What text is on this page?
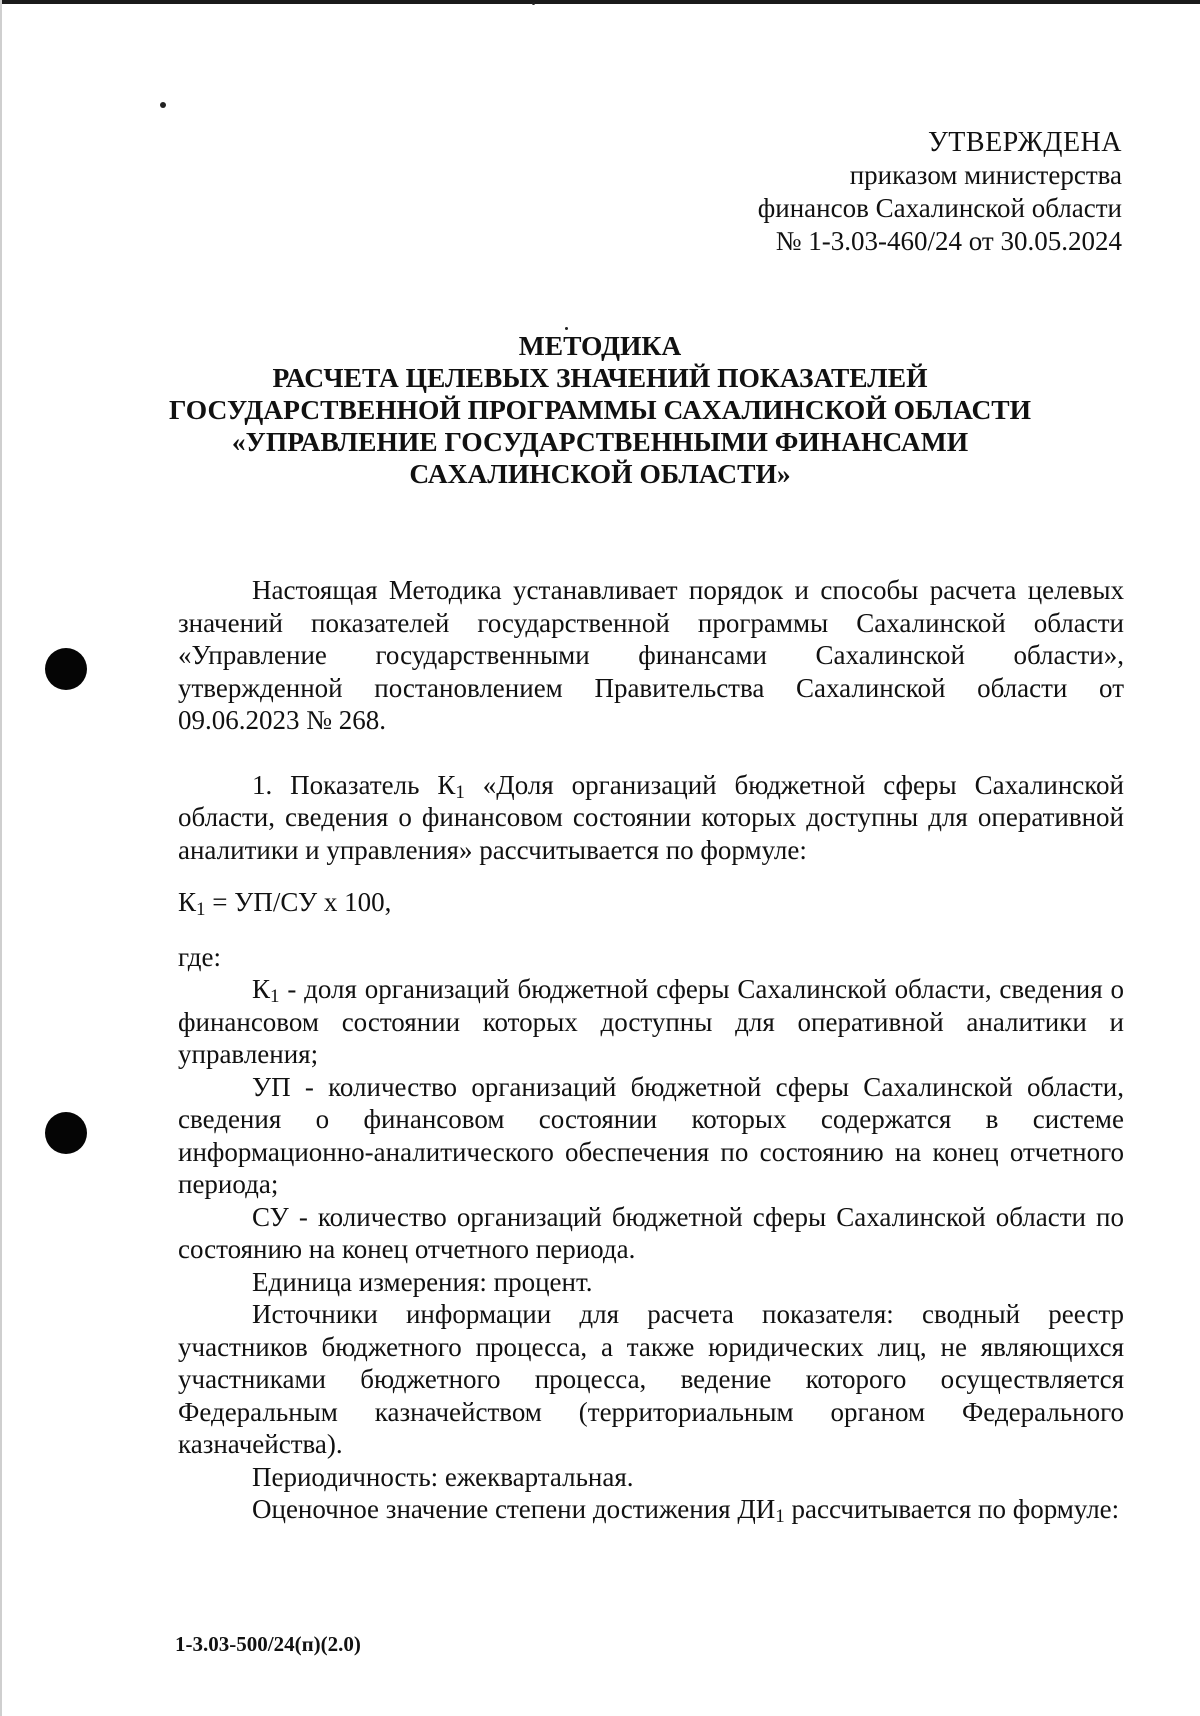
УТВЕРЖДЕНА
приказом министерства
финансов Сахалинской области
№ 1-3.03-460/24 от 30.05.2024
МЕТОДИКА
РАСЧЕТА ЦЕЛЕВЫХ ЗНАЧЕНИЙ ПОКАЗАТЕЛЕЙ
ГОСУДАРСТВЕННОЙ ПРОГРАММЫ САХАЛИНСКОЙ ОБЛАСТИ
«УПРАВЛЕНИЕ ГОСУДАРСТВЕННЫМИ ФИНАНСАМИ
САХАЛИНСКОЙ ОБЛАСТИ»

Настоящая Методика устанавливает порядок и способы расчета целевых значений показателей государственной программы Сахалинской области «Управление государственными финансами Сахалинской области», утвержденной постановлением Правительства Сахалинской области от 09.06.2023 № 268.

1. Показатель $К_1$ «Доля организаций бюджетной сферы Сахалинской области, сведения о финансовом состоянии которых доступны для оперативной аналитики и управления» рассчитывается по формуле:

$К_1 = УП/СУ$ х 100,

где:

$К_1$ - доля организаций бюджетной сферы Сахалинской области, сведения о финансовом состоянии которых доступны для оперативной аналитики и управления;

УП - количество организаций бюджетной сферы Сахалинской области, сведения о финансовом состоянии которых содержатся в системе информационно-аналитического обеспечения по состоянию на конец отчетного периода;

СУ - количество организаций бюджетной сферы Сахалинской области по состоянию на конец отчетного периода.

Единица измерения: процент.

Источники информации для расчета показателя: сводный реестр участников бюджетного процесса, а также юридических лиц, не являющихся участниками бюджетного процесса, ведение которого осуществляется Федеральным казначейством (территориальным органом Федерального казначейства).

Периодичность: ежеквартальная.

Оценочное значение степени достижения $ДИ_1$ рассчитывается по формуле:

1-3.03-500/24(п)(2.0)
